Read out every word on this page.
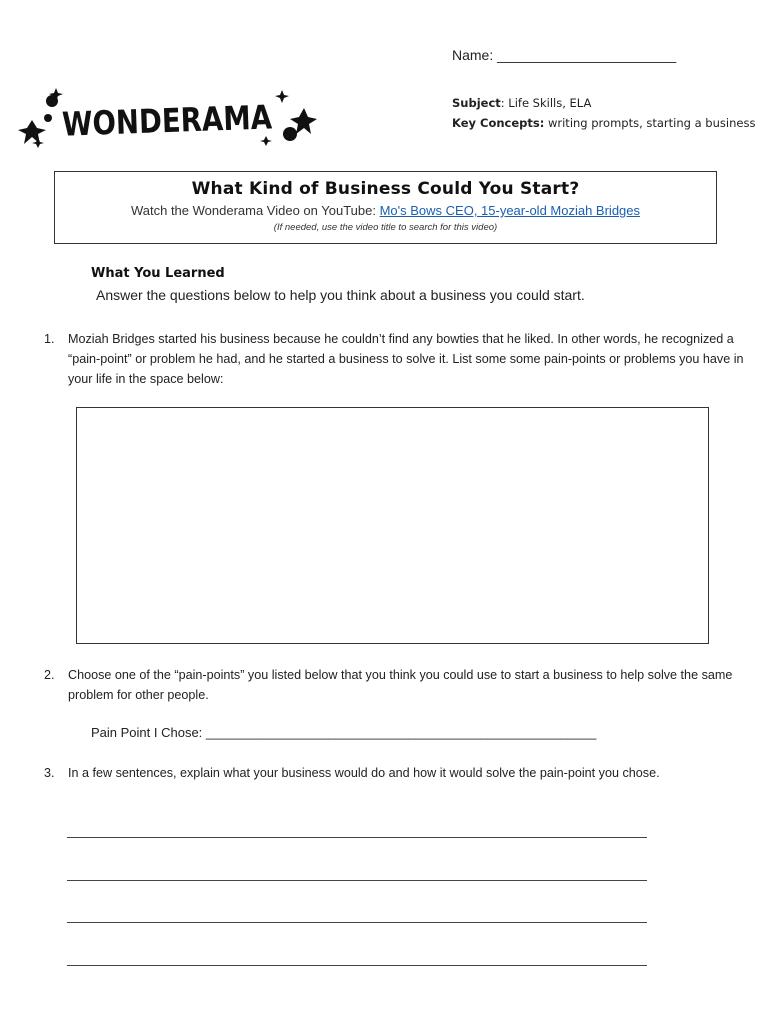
Name: _______________________
WONDERAMA	Subject: Life Skills, ELA
Key Concepts: writing prompts, starting a business
What Kind of Business Could You Start?
Watch the Wonderama Video on YouTube: Mo's Bows CEO, 15-year-old Moziah Bridges
(If needed, use the video title to search for this video)
What You Learned
Answer the questions below to help you think about a business you could start.
1. Moziah Bridges started his business because he couldn’t find any bowties that he liked. In other words, he recognized a “pain-point” or problem he had, and he started a business to solve it. List some some pain-points or problems you have in your life in the space below:
2. Choose one of the “pain-points” you listed below that you think you could use to start a business to help solve the same problem for other people.
Pain Point I Chose: ______________________________________________________
3. In a few sentences, explain what your business would do and how it would solve the pain-point you chose.
